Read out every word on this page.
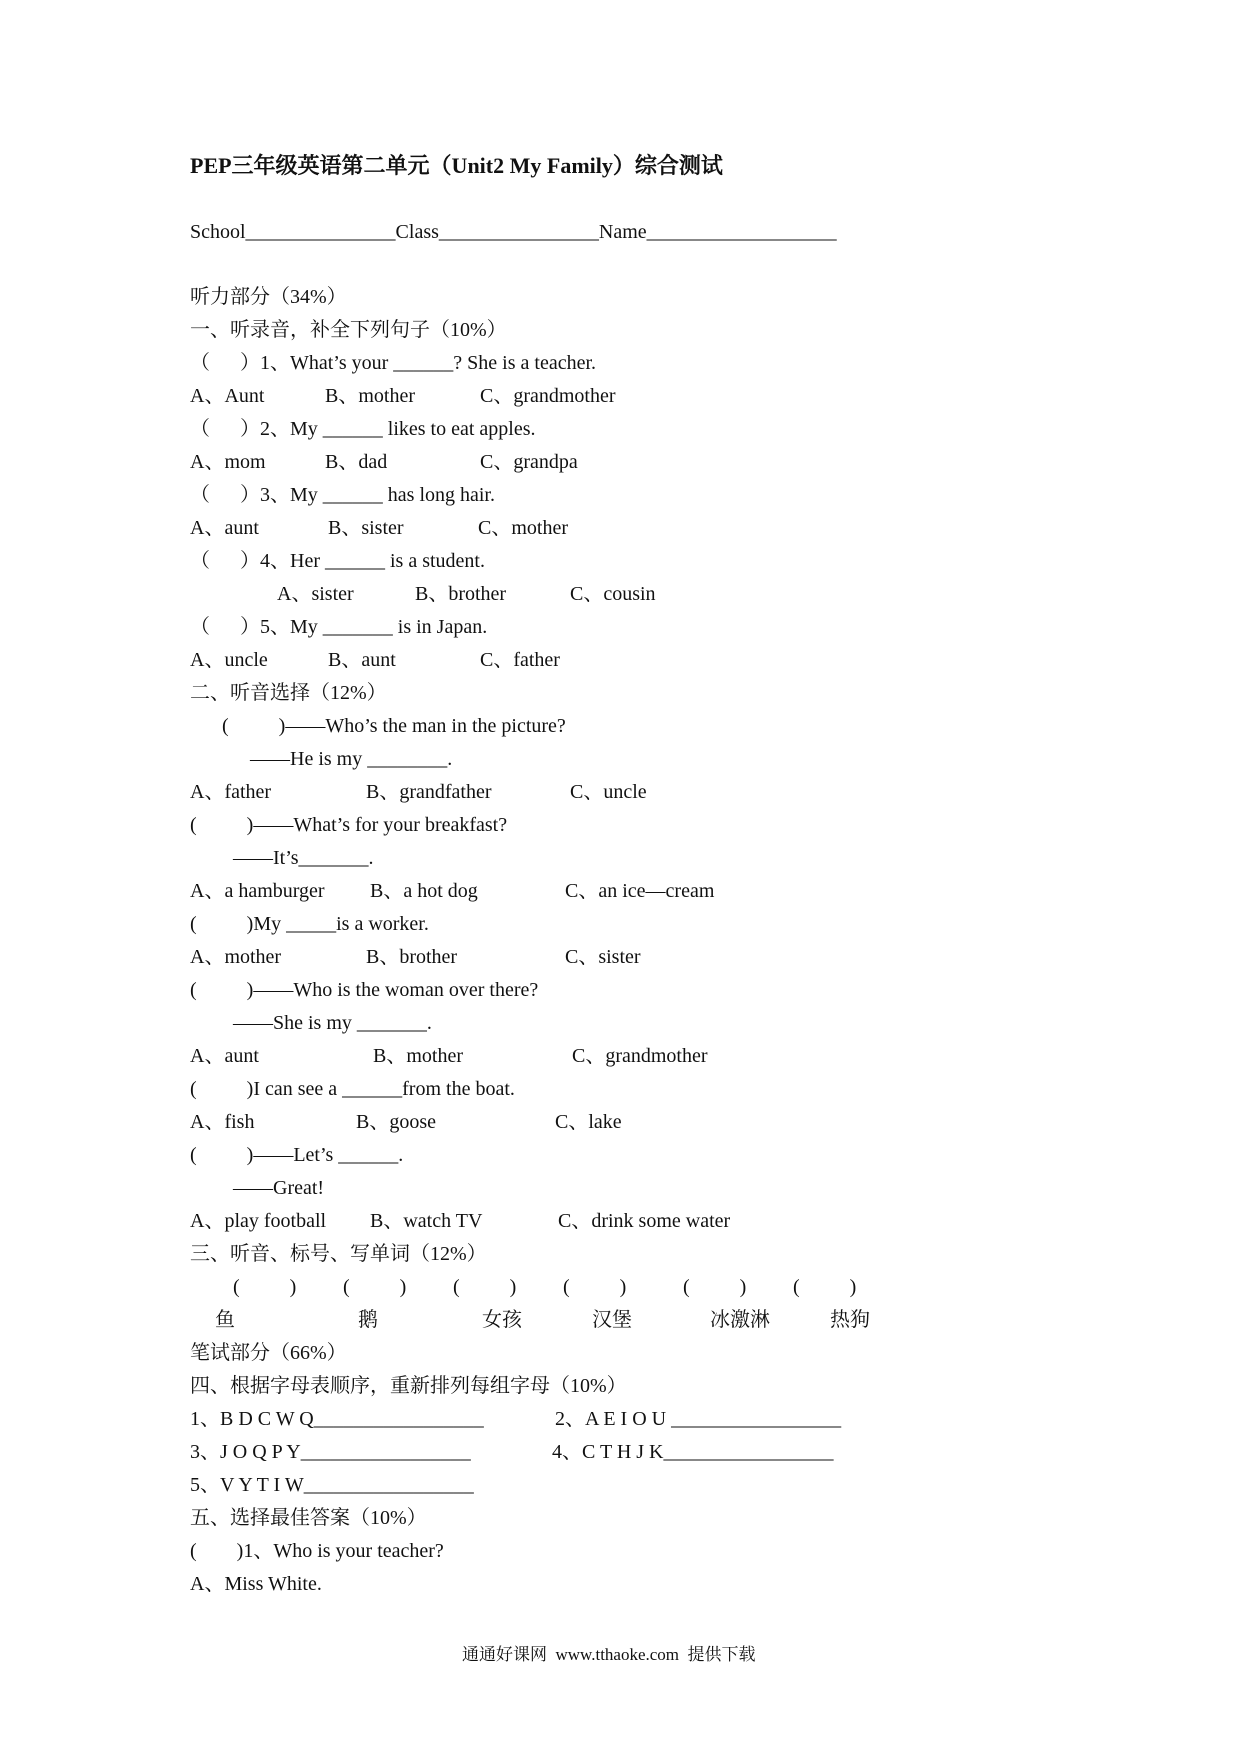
PEP三年级英语第二单元（Unit2 My Family）综合测试
School_______________Class________________Name___________________
听力部分（34%）
一、听录音，补全下列句子（10%）
（      ）1、What’s your ______? She is a teacher.
A、Aunt	B、mother	C、grandmother
（      ）2、My ______ likes to eat apples.
A、mom	B、dad	C、grandpa
（      ）3、My ______ has long hair.
A、aunt	B、sister	C、mother
（      ）4、Her ______ is a student.
A、sister	B、brother	C、cousin
（      ）5、My _______ is in Japan.
A、uncle	B、aunt	C、father
二、听音选择（12%）
(          )——Who’s the man in the picture?
——He is my ________.
A、father	B、grandfather	C、uncle
(          )——What’s for your breakfast?
——It’s_______.
A、a hamburger B、a hot dog	C、an ice—cream
(          )My _____is a worker.
A、mother	B、brother	C、sister
(          )——Who is the woman over there?
——She is my _______.
A、aunt	B、mother	C、grandmother
(          )I can see a ______from the boat.
A、fish	B、goose	C、lake
(          )——Let’s ______.
——Great!
A、play football B、watch TV	C、drink some water
三、听音、标号、写单词（12%）
(          ) (          ) (          ) (          )	(          ) (          )
鱼	鹅	女孩	汉堡	冰激淋	热狗
笔试部分（66%）
四、根据字母表顺序，重新排列每组字母（10%）
1、B D C W Q_________________	2、A E I O U _________________
3、J O Q P Y_________________	4、C T H J K_________________
5、V Y T I W_________________
五、选择最佳答案（10%）
(        )1、Who is your teacher?
A、Miss White.
通通好课网  www.tthaoke.com  提供下载
